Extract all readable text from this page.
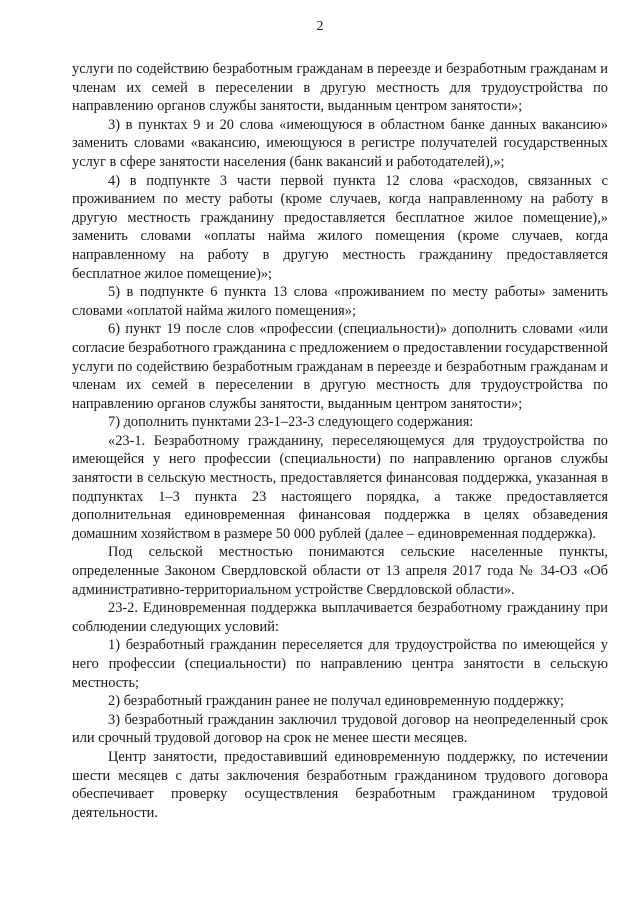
2

услуги по содействию безработным гражданам в переезде и безработным гражданам и членам их семей в переселении в другую местность для трудоустройства по направлению органов службы занятости, выданным центром занятости»;

3) в пунктах 9 и 20 слова «имеющуюся в областном банке данных вакансию» заменить словами «вакансию, имеющуюся в регистре получателей государственных услуг в сфере занятости населения (банк вакансий и работодателей),»;

4) в подпункте 3 части первой пункта 12 слова «расходов, связанных с проживанием по месту работы (кроме случаев, когда направленному на работу в другую местность гражданину предоставляется бесплатное жилое помещение),» заменить словами «оплаты найма жилого помещения (кроме случаев, когда направленному на работу в другую местность гражданину предоставляется бесплатное жилое помещение)»;

5) в подпункте 6 пункта 13 слова «проживанием по месту работы» заменить словами «оплатой найма жилого помещения»;

6) пункт 19 после слов «профессии (специальности)» дополнить словами «или согласие безработного гражданина с предложением о предоставлении государственной услуги по содействию безработным гражданам в переезде и безработным гражданам и членам их семей в переселении в другую местность для трудоустройства по направлению органов службы занятости, выданным центром занятости»;

7) дополнить пунктами 23-1–23-3 следующего содержания:

«23-1. Безработному гражданину, переселяющемуся для трудоустройства по имеющейся у него профессии (специальности) по направлению органов службы занятости в сельскую местность, предоставляется финансовая поддержка, указанная в подпунктах 1–3 пункта 23 настоящего порядка, а также предоставляется дополнительная единовременная финансовая поддержка в целях обзаведения домашним хозяйством в размере 50 000 рублей (далее – единовременная поддержка).

Под сельской местностью понимаются сельские населенные пункты, определенные Законом Свердловской области от 13 апреля 2017 года № 34-ОЗ «Об административно-территориальном устройстве Свердловской области».

23-2. Единовременная поддержка выплачивается безработному гражданину при соблюдении следующих условий:

1) безработный гражданин переселяется для трудоустройства по имеющейся у него профессии (специальности) по направлению центра занятости в сельскую местность;

2) безработный гражданин ранее не получал единовременную поддержку;

3) безработный гражданин заключил трудовой договор на неопределенный срок или срочный трудовой договор на срок не менее шести месяцев.

Центр занятости, предоставивший единовременную поддержку, по истечении шести месяцев с даты заключения безработным гражданином трудового договора обеспечивает проверку осуществления безработным гражданином трудовой деятельности.
